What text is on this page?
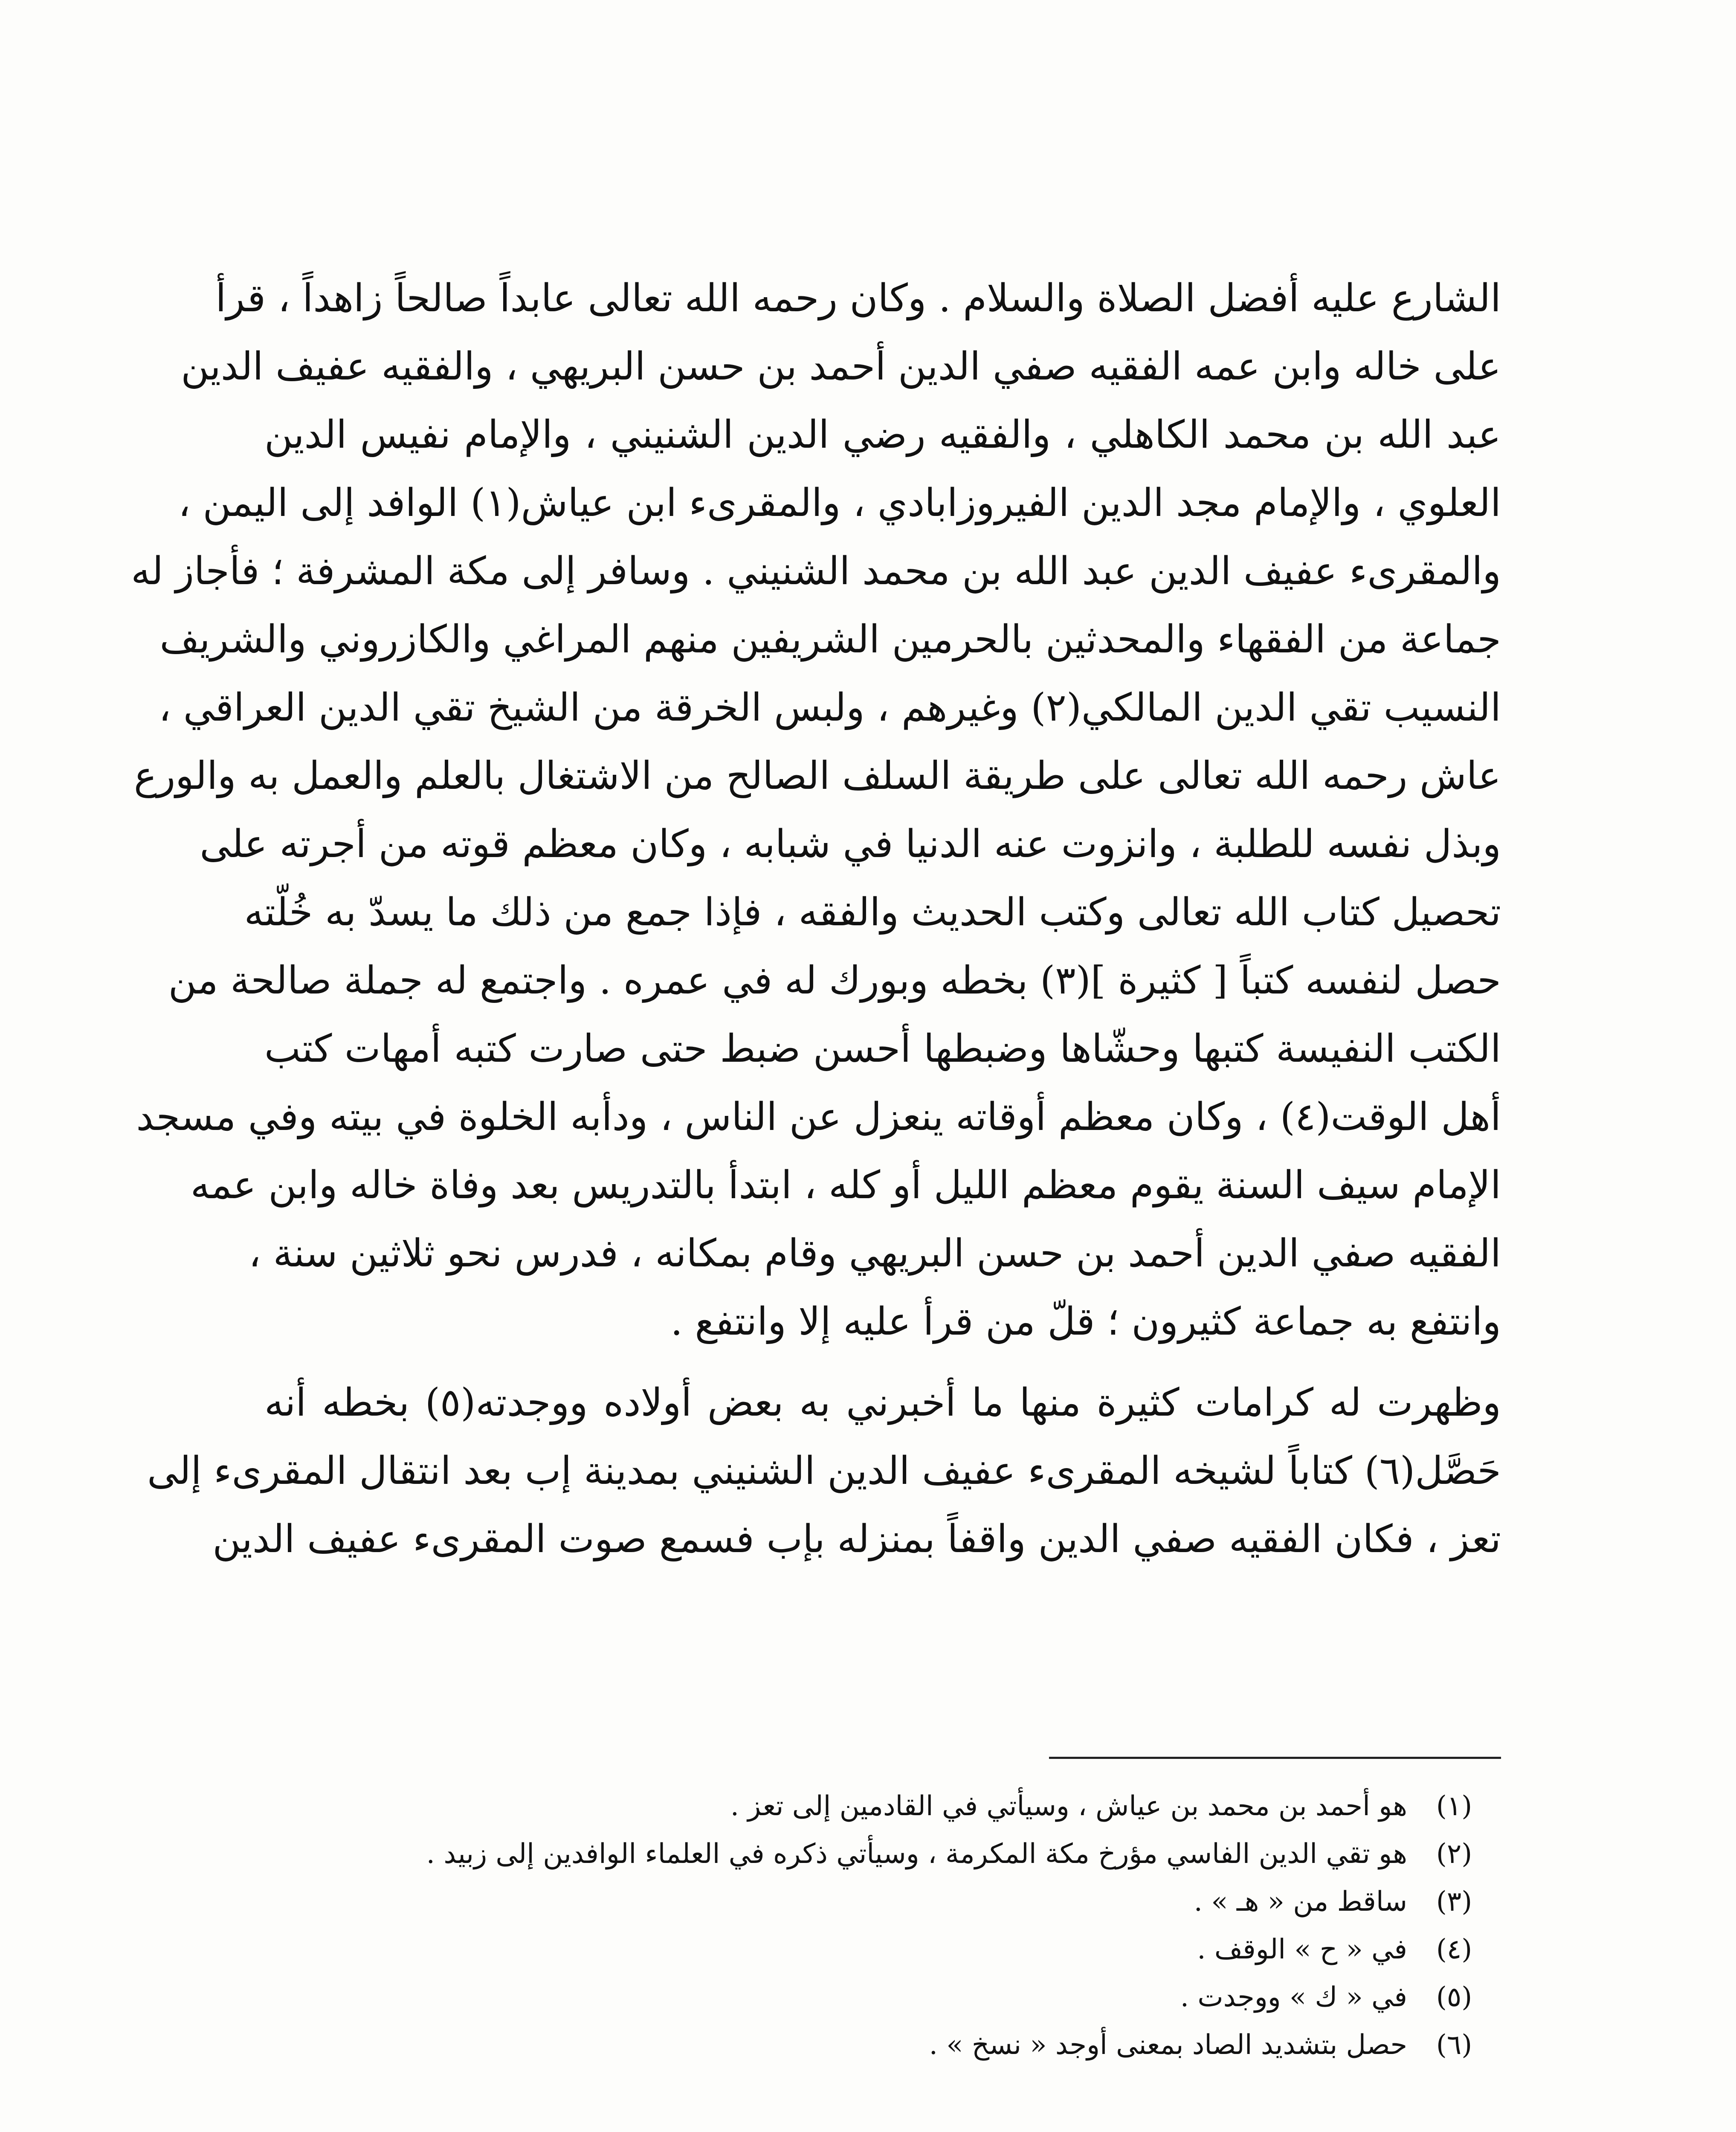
الشارع عليه أفضل الصلاة والسلام . وكان رحمه الله تعالى عابداً صالحاً زاهداً ، قرأ
على خاله وابن عمه الفقيه صفي الدين أحمد بن حسن البريهي ، والفقيه عفيف الدين
عبد الله بن محمد الكاهلي ، والفقيه رضي الدين الشنيني ، والإمام نفيس الدين
العلوي ، والإمام مجد الدين الفيروزابادي ، والمقرىء ابن عياش(١) الوافد إلى اليمن ،
والمقرىء عفيف الدين عبد الله بن محمد الشنيني . وسافر إلى مكة المشرفة ؛ فأجاز له
جماعة من الفقهاء والمحدثين بالحرمين الشريفين منهم المراغي والكازروني والشريف
النسيب تقي الدين المالكي(٢) وغيرهم ، ولبس الخرقة من الشيخ تقي الدين العراقي ،
عاش رحمه الله تعالى على طريقة السلف الصالح من الاشتغال بالعلم والعمل به والورع
وبذل نفسه للطلبة ، وانزوت عنه الدنيا في شبابه ، وكان معظم قوته من أجرته على
تحصيل كتاب الله تعالى وكتب الحديث والفقه ، فإذا جمع من ذلك ما يسدّ به خُلّته
حصل لنفسه كتباً [ كثيرة ](٣) بخطه وبورك له في عمره . واجتمع له جملة صالحة من
الكتب النفيسة كتبها وحشّاها وضبطها أحسن ضبط حتى صارت كتبه أمهات كتب
أهل الوقت(٤) ، وكان معظم أوقاته ينعزل عن الناس ، ودأبه الخلوة في بيته وفي مسجد
الإمام سيف السنة يقوم معظم الليل أو كله ، ابتدأ بالتدريس بعد وفاة خاله وابن عمه
الفقيه صفي الدين أحمد بن حسن البريهي وقام بمكانه ، فدرس نحو ثلاثين سنة ،
وانتفع به جماعة كثيرون ؛ قلّ من قرأ عليه إلا وانتفع .
وظهرت له كرامات كثيرة منها ما أخبرني به بعض أولاده ووجدته(٥) بخطه أنه
حَصَّل(٦) كتاباً لشيخه المقرىء عفيف الدين الشنيني بمدينة إب بعد انتقال المقرىء إلى
تعز ، فكان الفقيه صفي الدين واقفاً بمنزله بإب فسمع صوت المقرىء عفيف الدين
(١)
هو أحمد بن محمد بن عياش ، وسيأتي في القادمين إلى تعز .
(٢)
هو تقي الدين الفاسي مؤرخ مكة المكرمة ، وسيأتي ذكره في العلماء الوافدين إلى زبيد .
(٣)
ساقط من « هـ » .
(٤)
في « ح » الوقف .
(٥)
في « ك » ووجدت .
(٦)
حصل بتشديد الصاد بمعنى أوجد « نسخ » .
